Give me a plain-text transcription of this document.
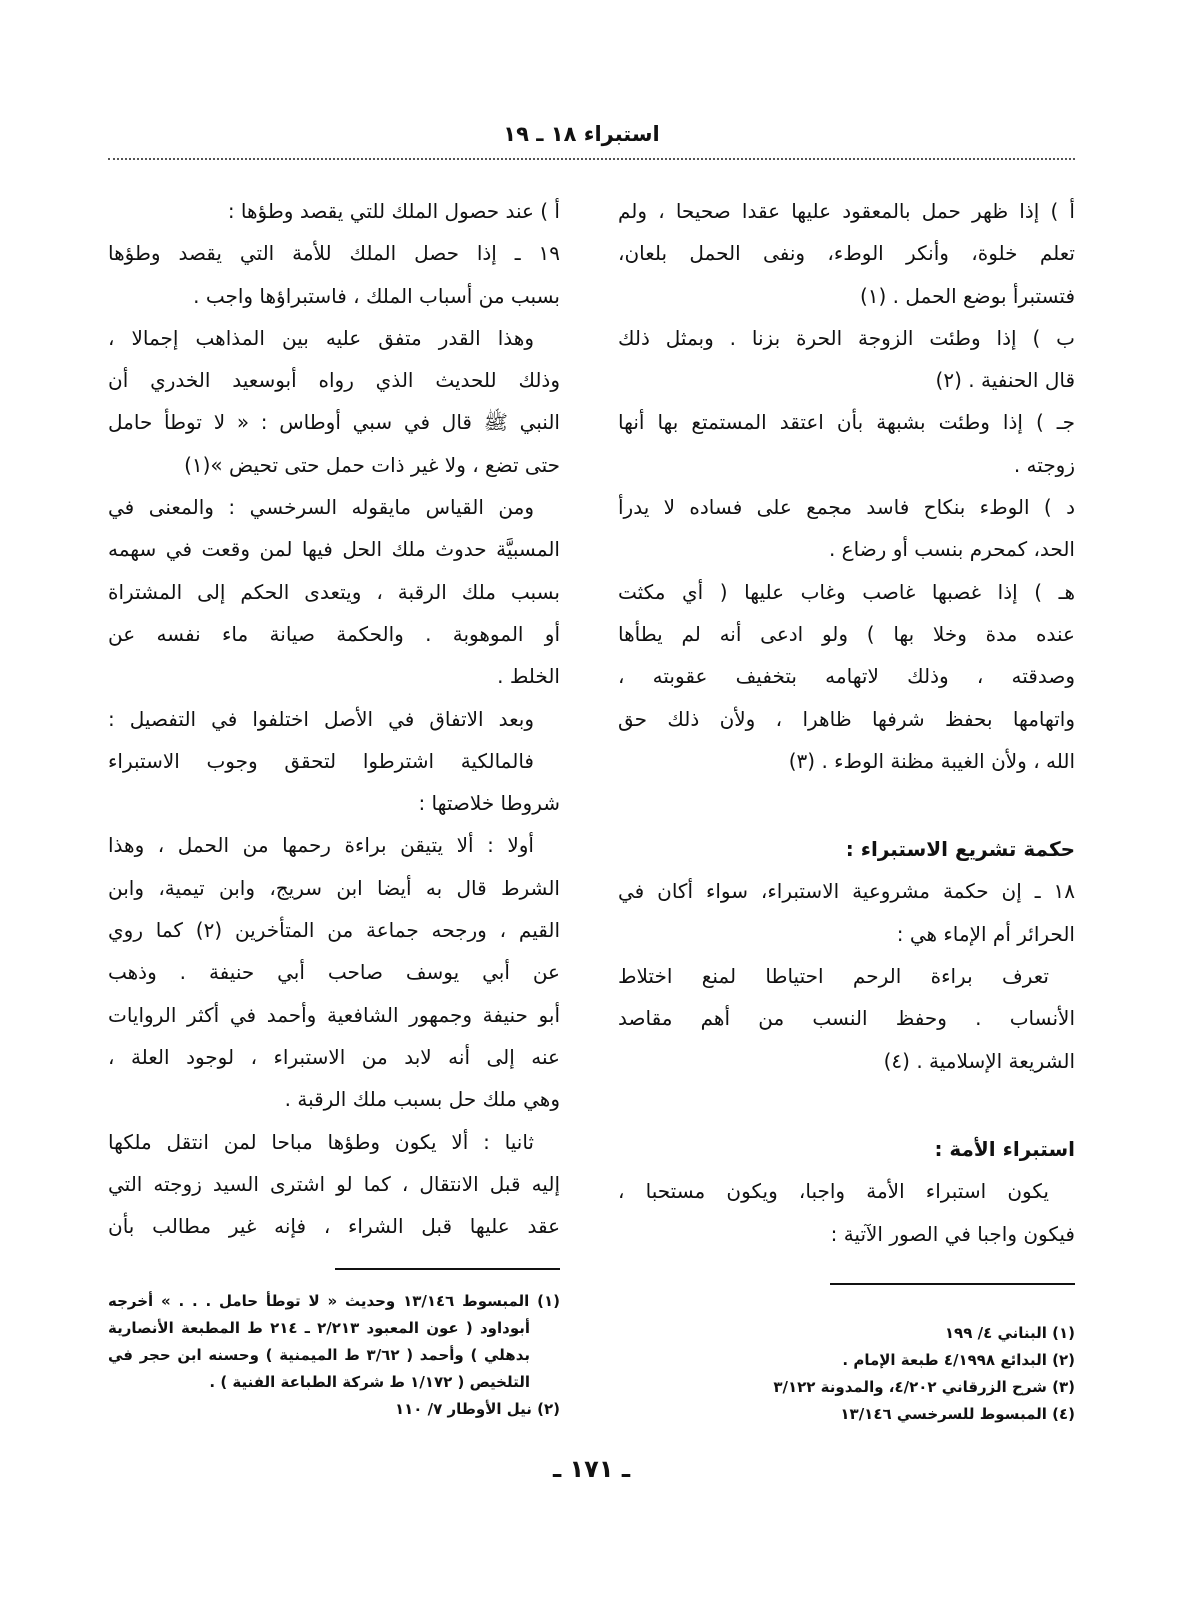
استبراء ١٨ ـ ١٩
أ ) إذا ظهر حمل بالمعقود عليها عقدا صحيحا ، ولم
تعلم خلوة، وأنكر الوطء، ونفى الحمل بلعان،
فتستبرأ بوضع الحمل . (١)
ب ) إذا وطئت الزوجة الحرة بزنا . وبمثل ذلك
قال الحنفية . (٢)
جـ ) إذا وطئت بشبهة بأن اعتقد المستمتع بها أنها
زوجته .
د ) الوطء بنكاح فاسد مجمع على فساده لا يدرأ
الحد، كمحرم بنسب أو رضاع .
هـ ) إذا غصبها غاصب وغاب عليها ( أي مكثت
عنده مدة وخلا بها ) ولو ادعى أنه لم يطأها
وصدقته ، وذلك لاتهامه بتخفيف عقوبته ،
واتهامها بحفظ شرفها ظاهرا ، ولأن ذلك حق
الله ، ولأن الغيبة مظنة الوطء . (٣)
حكمة تشريع الاستبراء :
١٨ ـ إن حكمة مشروعية الاستبراء، سواء أكان في
الحرائر أم الإماء هي :
تعرف براءة الرحم احتياطا لمنع اختلاط
الأنساب . وحفظ النسب من أهم مقاصد
الشريعة الإسلامية . (٤)
استبراء الأمة :
يكون استبراء الأمة واجبا، ويكون مستحبا ،
فيكون واجبا في الصور الآتية :
أ ) عند حصول الملك للتي يقصد وطؤها :
١٩ ـ إذا حصل الملك للأمة التي يقصد وطؤها
بسبب من أسباب الملك ، فاستبراؤها واجب .
وهذا القدر متفق عليه بين المذاهب إجمالا ،
وذلك للحديث الذي رواه أبوسعيد الخدري أن
النبي ﷺ قال في سبي أوطاس : « لا توطأ حامل
حتى تضع ، ولا غير ذات حمل حتى تحيض »(١)
ومن القياس مايقوله السرخسي : والمعنى في
المسبيَّة حدوث ملك الحل فيها لمن وقعت في سهمه
بسبب ملك الرقبة ، ويتعدى الحكم إلى المشتراة
أو الموهوبة . والحكمة صيانة ماء نفسه عن
الخلط .
وبعد الاتفاق في الأصل اختلفوا في التفصيل :
فالمالكية اشترطوا لتحقق وجوب الاستبراء
شروطا خلاصتها :
أولا : ألا يتيقن براءة رحمها من الحمل ، وهذا
الشرط قال به أيضا ابن سريج، وابن تيمية، وابن
القيم ، ورجحه جماعة من المتأخرين (٢) كما روي
عن أبي يوسف صاحب أبي حنيفة . وذهب
أبو حنيفة وجمهور الشافعية وأحمد في أكثر الروايات
عنه إلى أنه لابد من الاستبراء ، لوجود العلة ،
وهي ملك حل بسبب ملك الرقبة .
ثانيا : ألا يكون وطؤها مباحا لمن انتقل ملكها
إليه قبل الانتقال ، كما لو اشترى السيد زوجته التي
عقد عليها قبل الشراء ، فإنه غير مطالب بأن
(١) المبسوط ١٣/١٤٦ وحديث « لا توطأ حامل . . . » أخرجه
أبوداود ( عون المعبود ٢/٢١٣ ـ ٢١٤ ط المطبعة الأنصارية
بدهلي ) وأحمد ( ٣/٦٢ ط الميمنية ) وحسنه ابن حجر في
التلخيص ( ١/١٧٢ ط شركة الطباعة الفنية ) .
(٢) نيل الأوطار ٧/ ١١٠
(١) البناني ٤/ ١٩٩
(٢) البدائع ٤/١٩٩٨ طبعة الإمام .
(٣) شرح الزرقاني ٤/٢٠٢، والمدونة ٣/١٢٢
(٤) المبسوط للسرخسي ١٣/١٤٦
ـ ١٧١ ـ
